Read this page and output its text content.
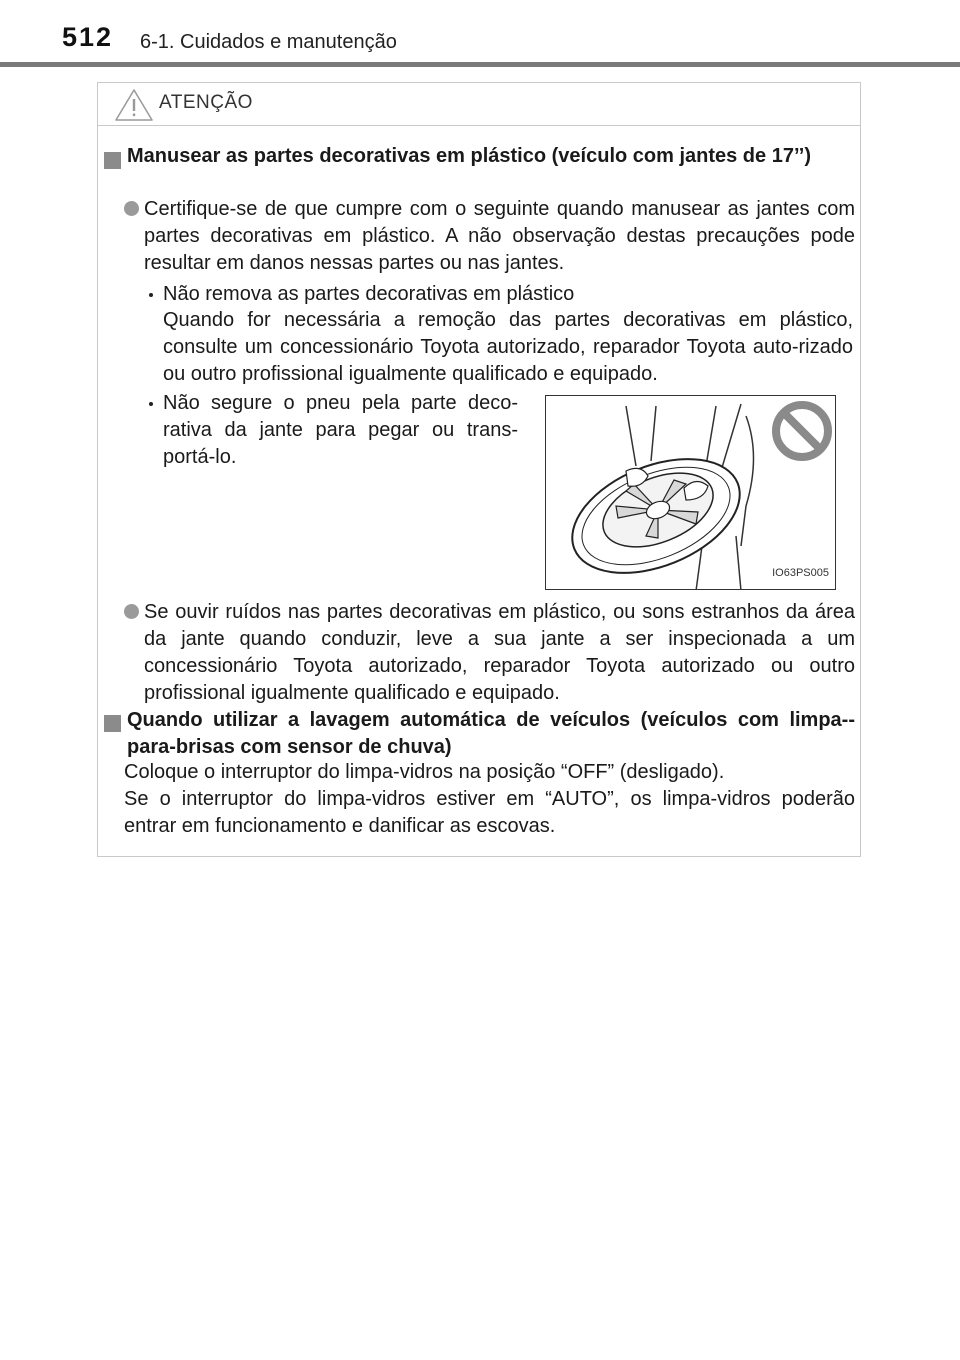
512 6-1. Cuidados e manutenção
ATENÇÃO
Manusear as partes decorativas em plástico (veículo com jantes de 17’’)
Certifique-se de que cumpre com o seguinte quando manusear as jantes com partes decorativas em plástico. A não observação destas precauções pode resultar em danos nessas partes ou nas jantes.
Não remova as partes decorativas em plástico
Quando for necessária a remoção das partes decorativas em plástico, consulte um concessionário Toyota autorizado, reparador Toyota auto-rizado ou outro profissional igualmente qualificado e equipado.
Não segure o pneu pela parte deco-rativa da jante para pegar ou trans-portá-lo.
IO63PS005
Se ouvir ruídos nas partes decorativas em plástico, ou sons estranhos da área da jante quando conduzir, leve a sua jante a ser inspecionada a um concessionário Toyota autorizado, reparador Toyota autorizado ou outro profissional igualmente qualificado e equipado.
Quando utilizar a lavagem automática de veículos (veículos com limpa--para-brisas com sensor de chuva)
Coloque o interruptor do limpa-vidros na posição “OFF” (desligado).
Se o interruptor do limpa-vidros estiver em “AUTO”, os limpa-vidros poderão entrar em funcionamento e danificar as escovas.
